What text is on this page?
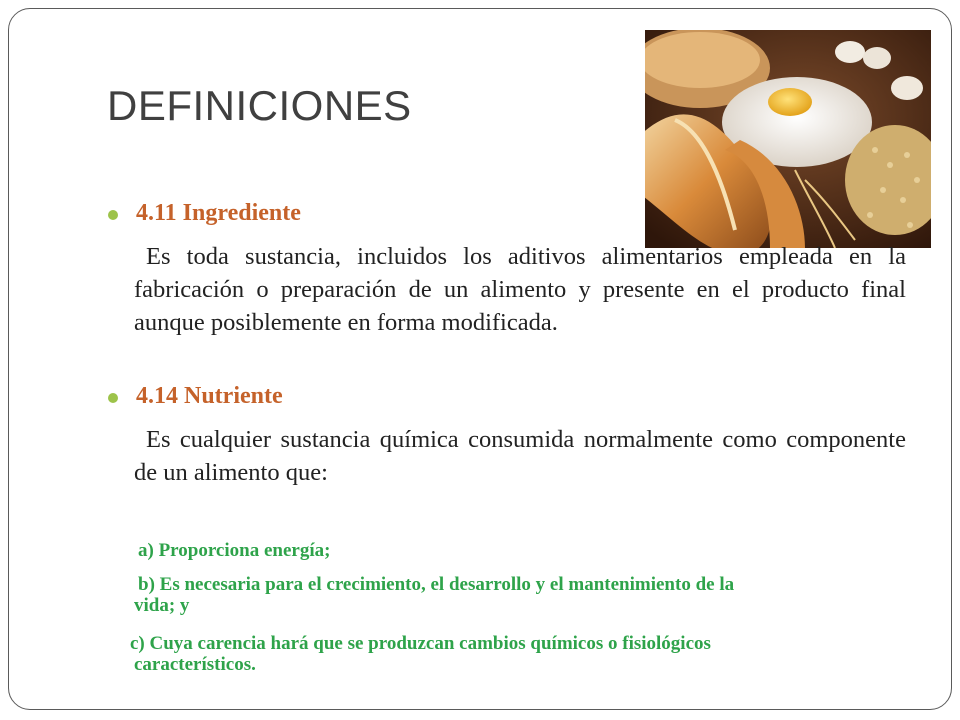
DEFINICIONES
4.11 Ingrediente

Es toda sustancia, incluidos los aditivos alimentarios empleada en la fabricación o preparación de un alimento y presente en el producto final aunque posiblemente en forma modificada.

4.14 Nutriente

Es cualquier sustancia química consumida normalmente como componente de un alimento que:

a) Proporciona energía;

b) Es necesaria para el crecimiento, el desarrollo y el mantenimiento de la vida; y

c) Cuya carencia hará que se produzcan cambios químicos o fisiológicos característicos.
